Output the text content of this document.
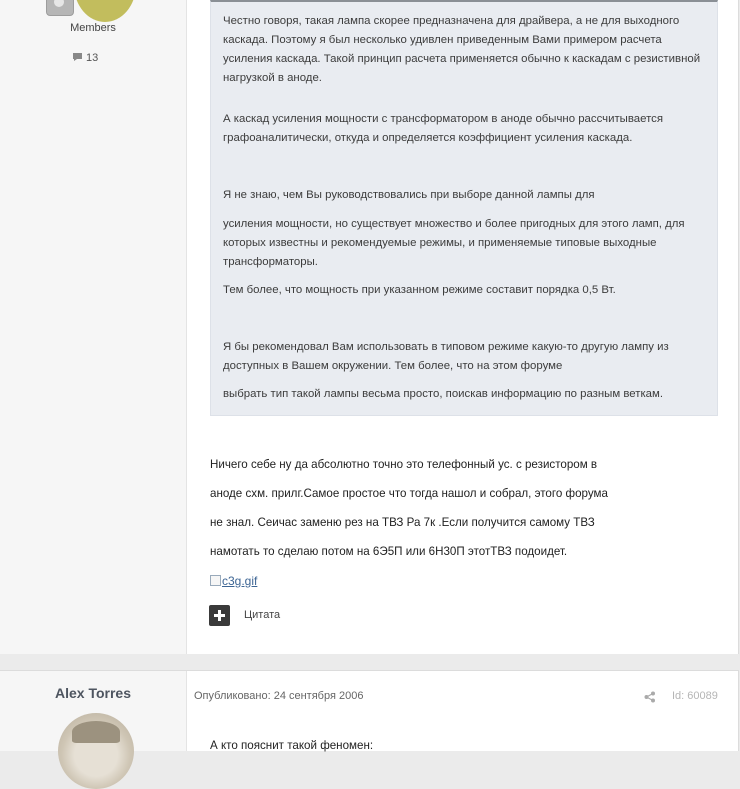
Members
13

Честно говоря, такая лампа скорее предназначена для драйвера, а не для выходного каскада. Поэтому я был несколько удивлен приведенным Вами примером расчета усиления каскада. Такой принцип расчета применяется обычно к каскадам с резистивной нагрузкой в аноде.

А каскад усиления мощности с трансформатором в аноде обычно рассчитывается графоаналитически, откуда и определяется коэффициент усиления каскада.

Я не знаю, чем Вы руководствовались при выборе данной лампы для

усиления мощности, но существует множество и более пригодных для этого ламп, для которых известны и рекомендуемые режимы, и применяемые типовые выходные трансформаторы.

Тем более, что мощность при указанном режиме составит порядка 0,5 Вт.

Я бы рекомендовал Вам использовать в типовом режиме какую-то другую лампу из доступных в Вашем окружении. Тем более, что на этом форуме

выбрать тип такой лампы весьма просто, поискав информацию по разным веткам.

Ничего себе ну да абсолютно точно это телефонный ус. с резистором в
аноде схм. прилг.Самое простое что тогда нашол и собрал, этого форума
не знал. Сеичас заменю рез на ТВЗ Ра 7к .Если получится самому ТВЗ
намотать то сделаю потом на 6Э5П или 6Н30П этотТВЗ подоидет.
c3g.gif
Цитата
Alex Torres	Опубликовано: 24 сентября 2006	Id: 60089
А кто пояснит такой феномен:
